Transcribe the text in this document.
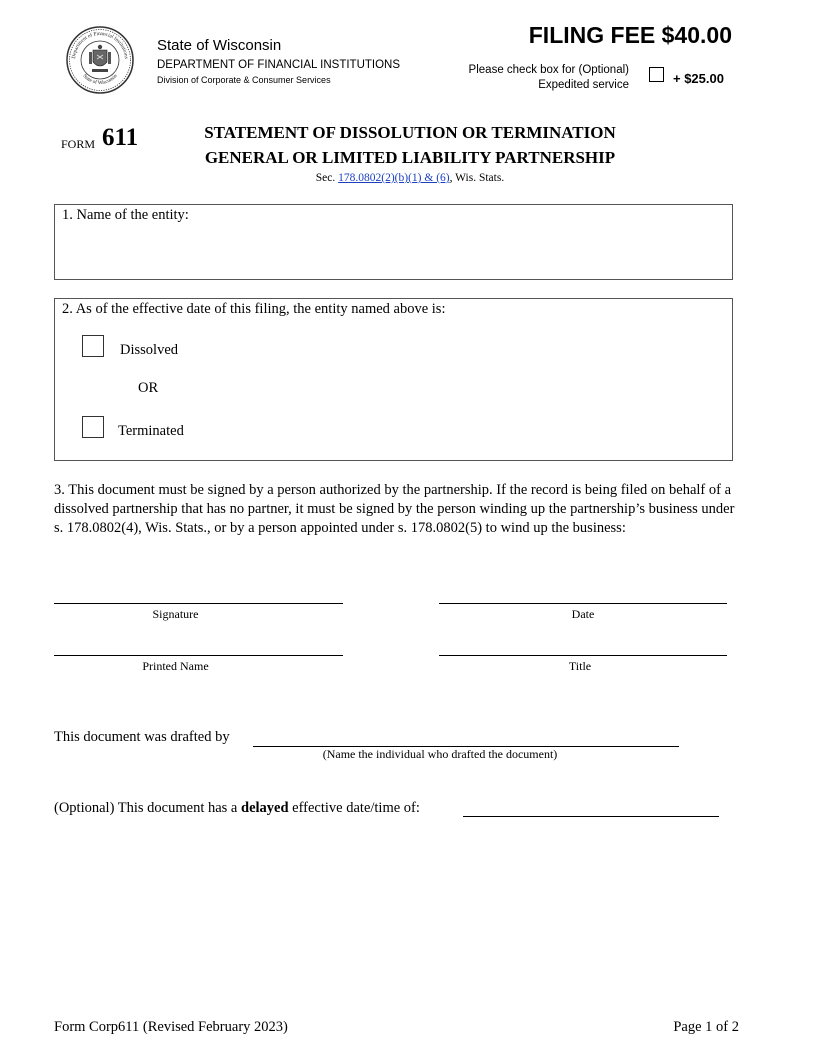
Department of Financial Institutions
State of Wisconsin
State of Wisconsin
DEPARTMENT OF FINANCIAL INSTITUTIONS
Division of Corporate & Consumer Services
FILING FEE $40.00
Please check box for (Optional)
Expedited service	+ $25.00
FORM 611	STATEMENT OF DISSOLUTION OR TERMINATION
GENERAL OR LIMITED LIABILITY PARTNERSHIP
Sec. 178.0802(2)(b)(1) & (6), Wis. Stats.
1. Name of the entity:
2. As of the effective date of this filing, the entity named above is:
Dissolved
OR
Terminated
3. This document must be signed by a person authorized by the partnership. If the record is being filed on behalf of a dissolved partnership that has no partner, it must be signed by the person winding up the partnership’s business under s. 178.0802(4), Wis. Stats., or by a person appointed under s. 178.0802(5) to wind up the business:
Signature	Date
Printed Name	Title
This document was drafted by
(Name the individual who drafted the document)
(Optional) This document has a delayed effective date/time of:
Form Corp611 (Revised February 2023)	Page 1 of 2
